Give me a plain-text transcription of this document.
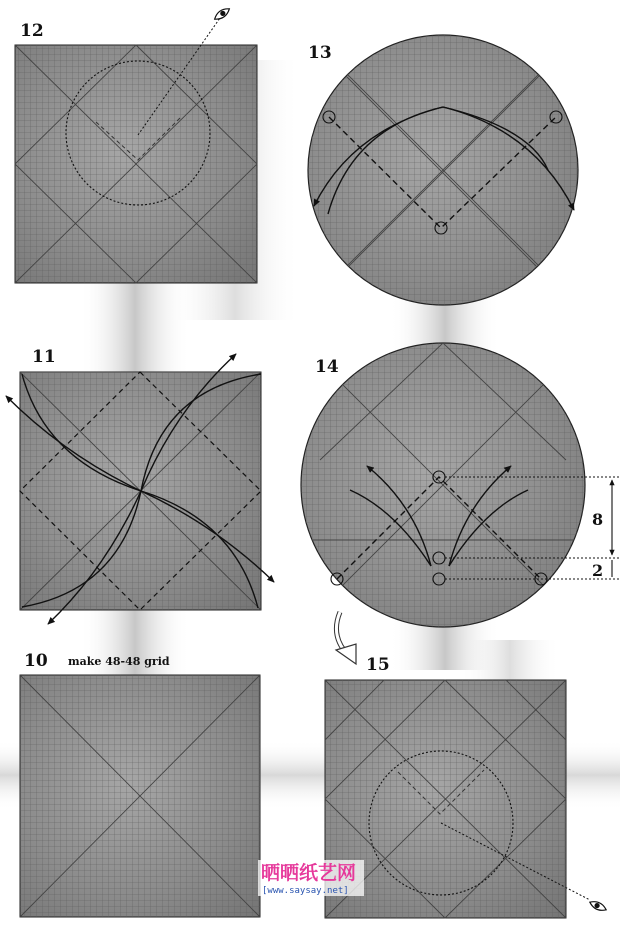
12
13
11	14
8
2
10 make 48-48 grid	15
晒晒纸艺网
[www.saysay.net]
